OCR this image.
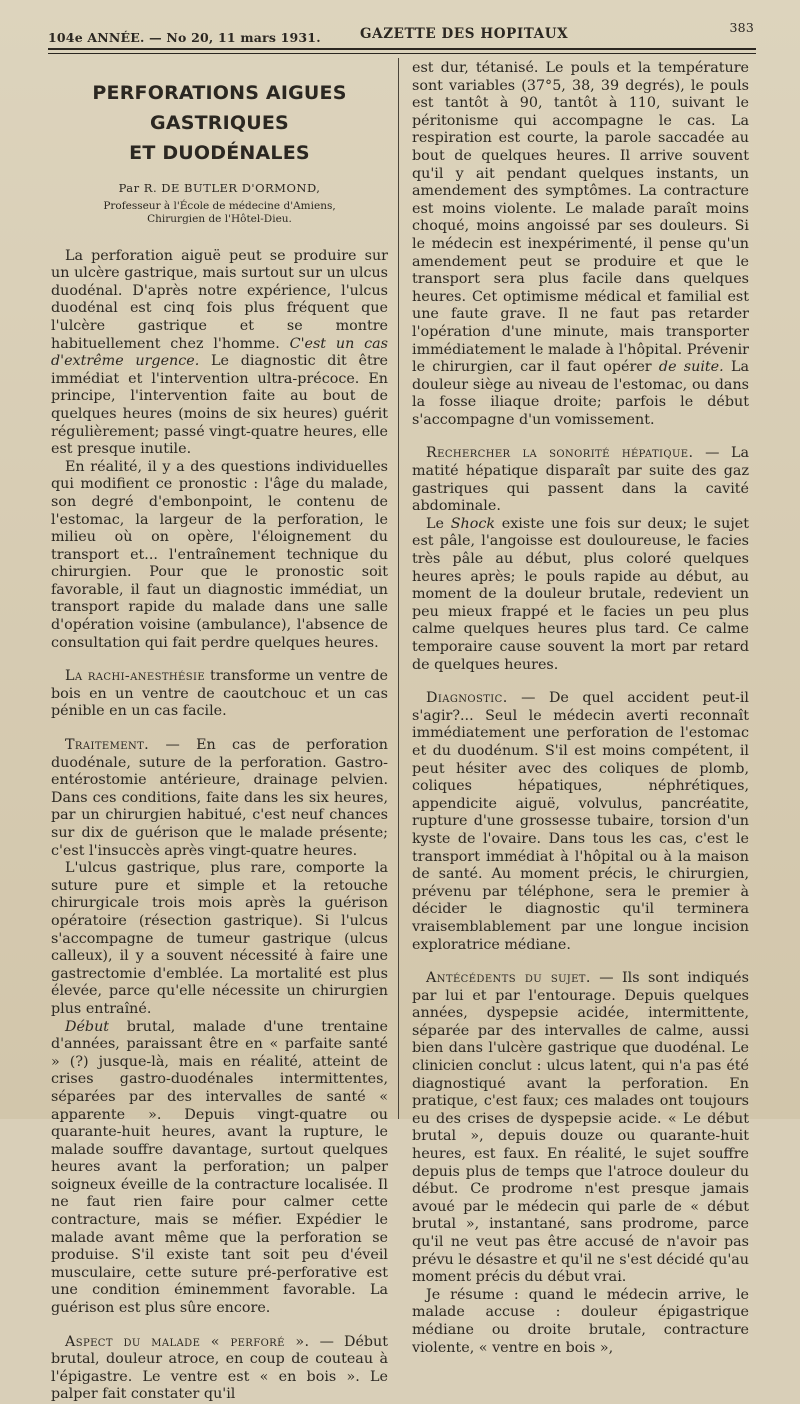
104e ANNÉE. — No 20, 11 mars 1931.	GAZETTE DES HOPITAUX	383
PERFORATIONS AIGUES GASTRIQUES
ET DUODÉNALES
Par R. DE BUTLER D'ORMOND,
Professeur à l'École de médecine d'Amiens,
Chirurgien de l'Hôtel-Dieu.

La perforation aiguë peut se produire sur un ulcère gastrique, mais surtout sur un ulcus duodénal. D'après notre expérience, l'ulcus duodénal est cinq fois plus fréquent que l'ulcère gastrique et se montre habituellement chez l'homme. C'est un cas d'extrême urgence. Le diagnostic dit être immédiat et l'intervention ultra-précoce. En principe, l'intervention faite au bout de quelques heures (moins de six heures) guérit régulièrement; passé vingt-quatre heures, elle est presque inutile.

En réalité, il y a des questions individuelles qui modifient ce pronostic : l'âge du malade, son degré d'embonpoint, le contenu de l'estomac, la largeur de la perforation, le milieu où on opère, l'éloignement du transport et... l'entraînement technique du chirurgien. Pour que le pronostic soit favorable, il faut un diagnostic immédiat, un transport rapide du malade dans une salle d'opération voisine (ambulance), l'absence de consultation qui fait perdre quelques heures.

La rachi-anesthésie transforme un ventre de bois en un ventre de caoutchouc et un cas pénible en un cas facile.

Traitement. — En cas de perforation duodénale, suture de la perforation. Gastro-entérostomie antérieure, drainage pelvien. Dans ces conditions, faite dans les six heures, par un chirurgien habitué, c'est neuf chances sur dix de guérison que le malade présente; c'est l'insuccès après vingt-quatre heures.

L'ulcus gastrique, plus rare, comporte la suture pure et simple et la retouche chirurgicale trois mois après la guérison opératoire (résection gastrique). Si l'ulcus s'accompagne de tumeur gastrique (ulcus calleux), il y a souvent nécessité à faire une gastrectomie d'emblée. La mortalité est plus élevée, parce qu'elle nécessite un chirurgien plus entraîné.

Début brutal, malade d'une trentaine d'années, paraissant être en « parfaite santé » (?) jusque-là, mais en réalité, atteint de crises gastro-duodénales intermittentes, séparées par des intervalles de santé « apparente ». Depuis vingt-quatre ou quarante-huit heures, avant la rupture, le malade souffre davantage, surtout quelques heures avant la perforation; un palper soigneux éveille de la contracture localisée. Il ne faut rien faire pour calmer cette contracture, mais se méfier. Expédier le malade avant même que la perforation se produise. S'il existe tant soit peu d'éveil musculaire, cette suture pré-perforative est une condition éminemment favorable. La guérison est plus sûre encore.

Aspect du malade « perforé ». — Début brutal, douleur atroce, en coup de couteau à l'épigastre. Le ventre est « en bois ». Le palper fait constater qu'il

est dur, tétanisé. Le pouls et la température sont variables (37°5, 38, 39 degrés), le pouls est tantôt à 90, tantôt à 110, suivant le péritonisme qui accompagne le cas. La respiration est courte, la parole saccadée au bout de quelques heures. Il arrive souvent qu'il y ait pendant quelques instants, un amendement des symptômes. La contracture est moins violente. Le malade paraît moins choqué, moins angoissé par ses douleurs. Si le médecin est inexpérimenté, il pense qu'un amendement peut se produire et que le transport sera plus facile dans quelques heures. Cet optimisme médical et familial est une faute grave. Il ne faut pas retarder l'opération d'une minute, mais transporter immédiatement le malade à l'hôpital. Prévenir le chirurgien, car il faut opérer de suite. La douleur siège au niveau de l'estomac, ou dans la fosse iliaque droite; parfois le début s'accompagne d'un vomissement.

Rechercher la sonorité hépatique. — La matité hépatique disparaît par suite des gaz gastriques qui passent dans la cavité abdominale.

Le Shock existe une fois sur deux; le sujet est pâle, l'angoisse est douloureuse, le facies très pâle au début, plus coloré quelques heures après; le pouls rapide au début, au moment de la douleur brutale, redevient un peu mieux frappé et le facies un peu plus calme quelques heures plus tard. Ce calme temporaire cause souvent la mort par retard de quelques heures.

Diagnostic. — De quel accident peut-il s'agir?... Seul le médecin averti reconnaît immédiatement une perforation de l'estomac et du duodénum. S'il est moins compétent, il peut hésiter avec des coliques de plomb, coliques hépatiques, néphrétiques, appendicite aiguë, volvulus, pancréatite, rupture d'une grossesse tubaire, torsion d'un kyste de l'ovaire. Dans tous les cas, c'est le transport immédiat à l'hôpital ou à la maison de santé. Au moment précis, le chirurgien, prévenu par téléphone, sera le premier à décider le diagnostic qu'il terminera vraisemblablement par une longue incision exploratrice médiane.

Antécédents du sujet. — Ils sont indiqués par lui et par l'entourage. Depuis quelques années, dyspepsie acidée, intermittente, séparée par des intervalles de calme, aussi bien dans l'ulcère gastrique que duodénal. Le clinicien conclut : ulcus latent, qui n'a pas été diagnostiqué avant la perforation. En pratique, c'est faux; ces malades ont toujours eu des crises de dyspepsie acide. « Le début brutal », depuis douze ou quarante-huit heures, est faux. En réalité, le sujet souffre depuis plus de temps que l'atroce douleur du début. Ce prodrome n'est presque jamais avoué par le médecin qui parle de « début brutal », instantané, sans prodrome, parce qu'il ne veut pas être accusé de n'avoir pas prévu le désastre et qu'il ne s'est décidé qu'au moment précis du début vrai.

Je résume : quand le médecin arrive, le malade accuse : douleur épigastrique médiane ou droite brutale, contracture violente, « ventre en bois »,
